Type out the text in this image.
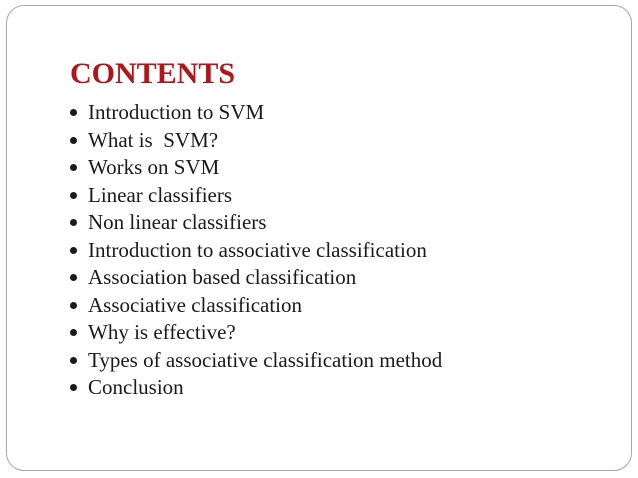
CONTENTS
Introduction to SVM
What is  SVM?
Works on SVM
Linear classifiers
Non linear classifiers
Introduction to associative classification
Association based classification
Associative classification
Why is effective?
Types of associative classification method
Conclusion
